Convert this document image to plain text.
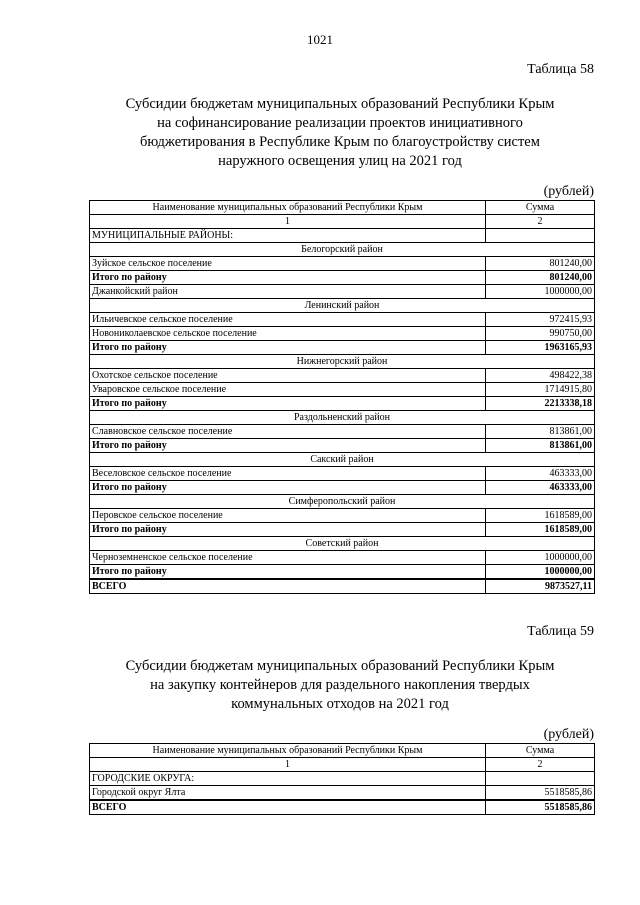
1021
Таблица 58
Субсидии бюджетам муниципальных образований Республики Крым
на софинансирование реализации проектов инициативного
бюджетирования в Республике Крым по благоустройству систем
наружного освещения улиц на 2021 год
(рублей)
Наименование муниципальных образований Республики Крым	Сумма
1	2
МУНИЦИПАЛЬНЫЕ РАЙОНЫ:	
Белогорский район	
Зуйское сельское поселение	801240,00
Итого по району	801240,00
Джанкойский район	1000000,00
Ленинский район	
Ильичевское сельское поселение	972415,93
Новониколаевское сельское поселение	990750,00
Итого по району	1963165,93
Нижнегорский район	
Охотское сельское поселение	498422,38
Уваровское сельское поселение	1714915,80
Итого по району	2213338,18
Раздольненский район	
Славновское сельское поселение	813861,00
Итого по району	813861,00
Сакский район	
Веселовское сельское поселение	463333,00
Итого по району	463333,00
Симферопольский район	
Перовское сельское поселение	1618589,00
Итого по району	1618589,00
Советский район	
Черноземненское сельское поселение	1000000,00
Итого по району	1000000,00
ВСЕГО	9873527,11
Таблица 59
Субсидии бюджетам муниципальных образований Республики Крым
на закупку контейнеров для раздельного накопления твердых
коммунальных отходов на 2021 год
(рублей)
Наименование муниципальных образований Республики Крым	Сумма
1	2
ГОРОДСКИЕ ОКРУГА:	
Городской округ Ялта	5518585,86
ВСЕГО	5518585,86
